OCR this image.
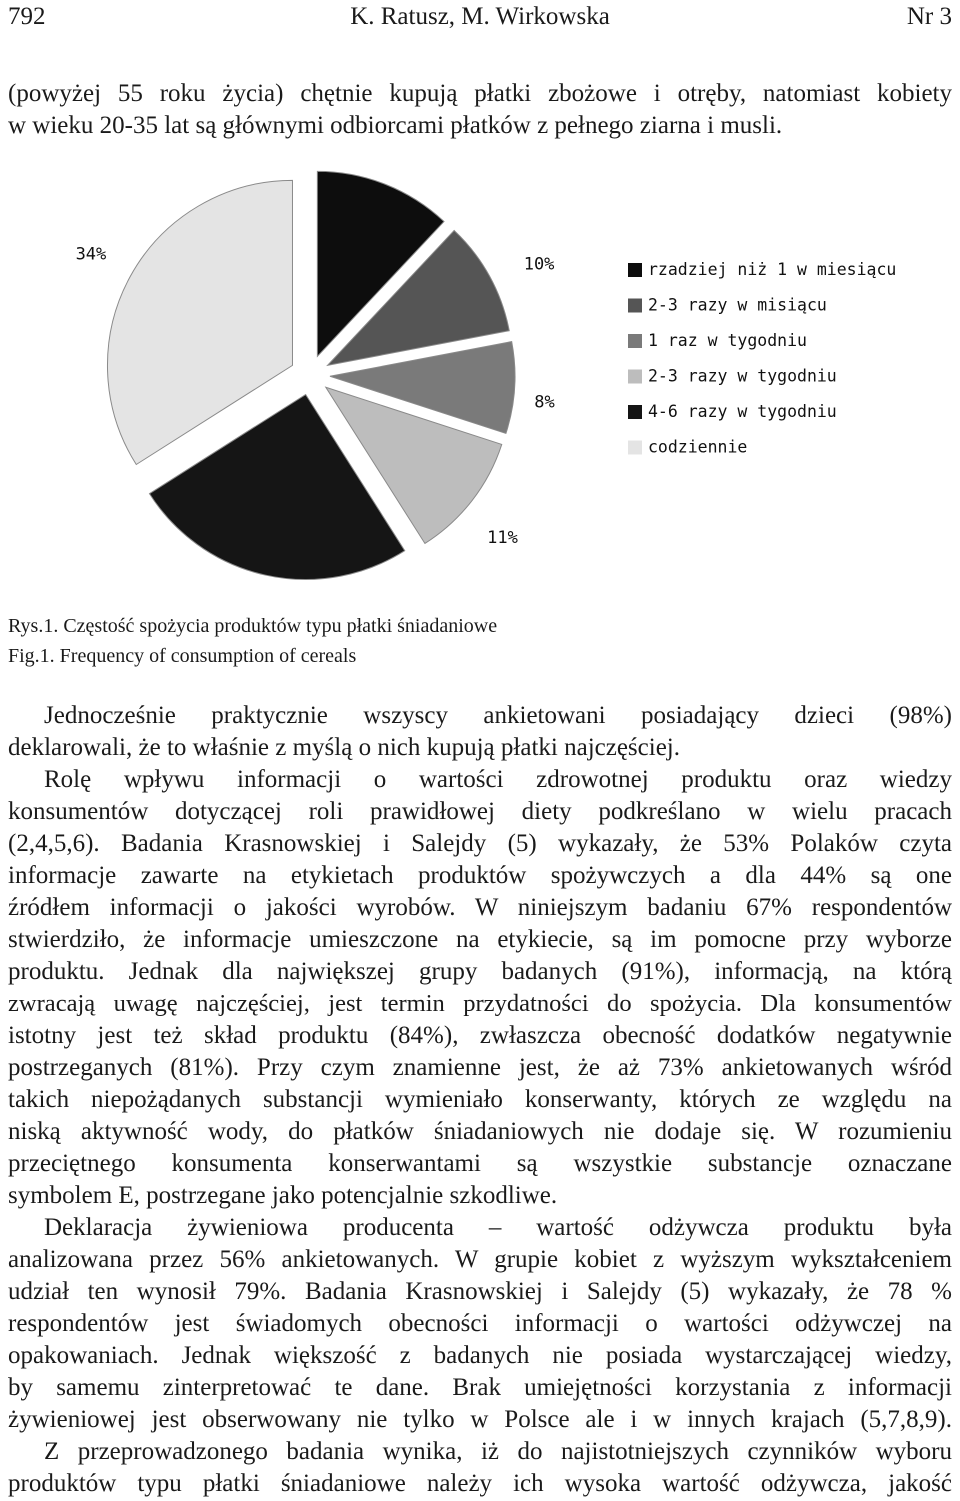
792	K. Ratusz, M. Wirkowska	Nr 3
(powyżej 55 roku życia) chętnie kupują płatki zbożowe i otręby, natomiast kobiety
w wieku 20-35 lat są głównymi odbiorcami płatków z pełnego ziarna i musli.
10%
8%
11%
34%
rzadziej niż 1 w miesiącu
2-3 razy w misiącu
1 raz w tygodniu
2-3 razy w tygodniu
4-6 razy w tygodniu
codziennie
Rys.1. Częstość spożycia produktów typu płatki śniadaniowe
Fig.1. Frequency of consumption of cereals
Jednocześnie praktycznie wszyscy ankietowani posiadający dzieci (98%)
deklarowali, że to właśnie z myślą o nich kupują płatki najczęściej.
Rolę wpływu informacji o wartości zdrowotnej produktu oraz wiedzy
konsumentów dotyczącej roli prawidłowej diety podkreślano w wielu pracach
(2,4,5,6). Badania Krasnowskiej i Salejdy (5) wykazały, że 53% Polaków czyta
informacje zawarte na etykietach produktów spożywczych a dla 44% są one
źródłem informacji o jakości wyrobów. W niniejszym badaniu 67% respondentów
stwierdziło, że informacje umieszczone na etykiecie, są im pomocne przy wyborze
produktu. Jednak dla największej grupy badanych (91%), informacją, na którą
zwracają uwagę najczęściej, jest termin przydatności do spożycia. Dla konsumentów
istotny jest też skład produktu (84%), zwłaszcza obecność dodatków negatywnie
postrzeganych (81%). Przy czym znamienne jest, że aż 73% ankietowanych wśród
takich niepożądanych substancji wymieniało konserwanty, których ze względu na
niską aktywność wody, do płatków śniadaniowych nie dodaje się. W rozumieniu
przeciętnego konsumenta konserwantami są wszystkie substancje oznaczane
symbolem E, postrzegane jako potencjalnie szkodliwe.
Deklaracja żywieniowa producenta – wartość odżywcza produktu była
analizowana przez 56% ankietowanych. W grupie kobiet z wyższym wykształceniem
udział ten wynosił 79%. Badania Krasnowskiej i Salejdy (5) wykazały, że 78 %
respondentów jest świadomych obecności informacji o wartości odżywczej na
opakowaniach. Jednak większość z badanych nie posiada wystarczającej wiedzy,
by samemu zinterpretować te dane. Brak umiejętności korzystania z informacji
żywieniowej jest obserwowany nie tylko w Polsce ale i w innych krajach (5,7,8,9).
Z przeprowadzonego badania wynika, iż do najistotniejszych czynników wyboru
produktów typu płatki śniadaniowe należy ich wysoka wartość odżywcza, jakość
